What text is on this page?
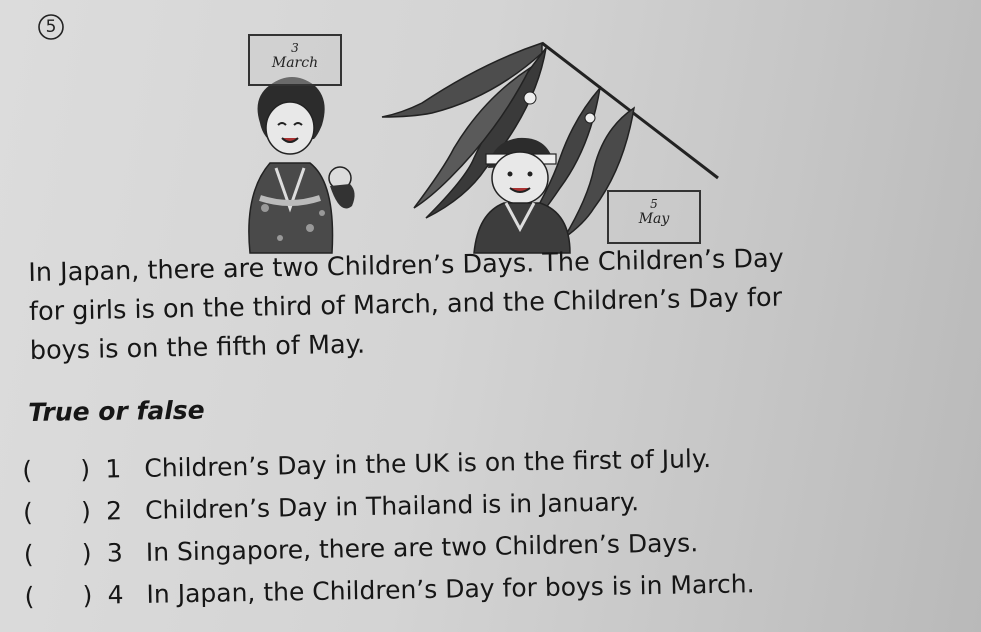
5
3
March
5
May

In Japan, there are two Children’s Days. The Children’s Day
for girls is on the third of March, and the Children’s Day for
boys is on the fifth of May.

True or false
(	) 1 Children’s Day in the UK is on the first of July.
(	) 2 Children’s Day in Thailand is in January.
(	) 3 In Singapore, there are two Children’s Days.
(	) 4 In Japan, the Children’s Day for boys is in March.
